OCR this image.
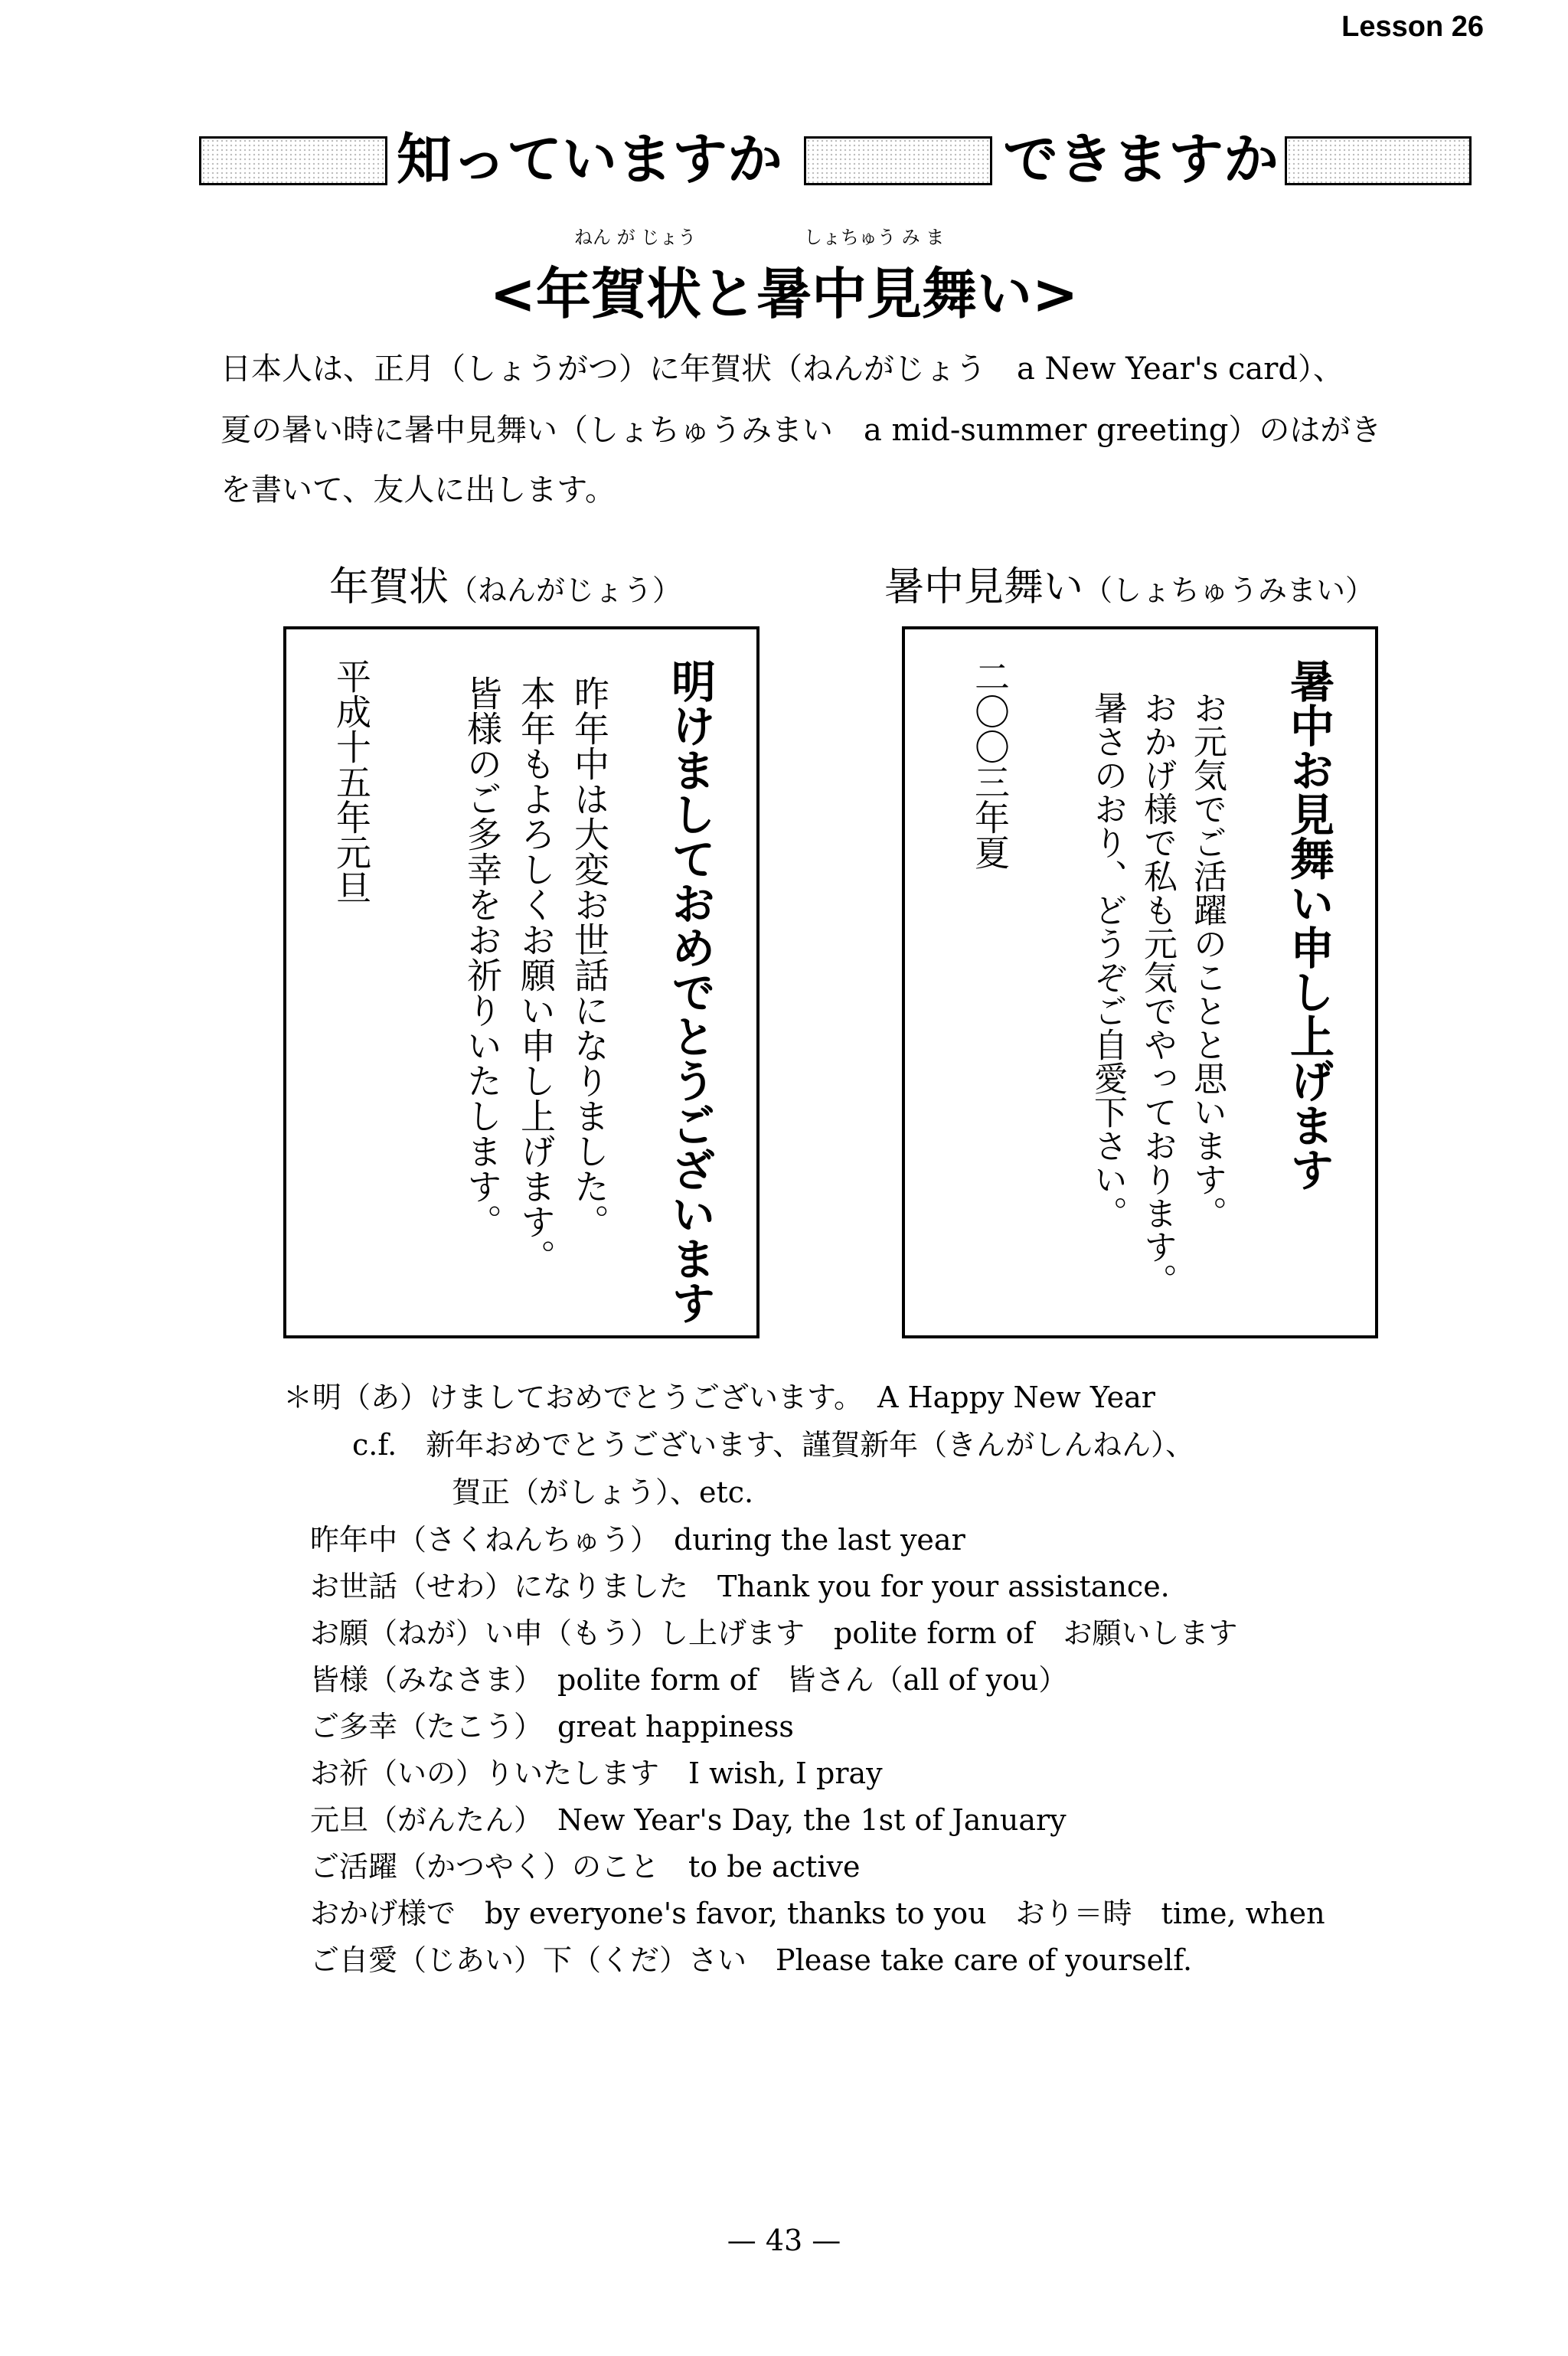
Lesson 26
知っていますか	できますか
ねん が じょう	しょちゅう み ま
<年賀状と暑中見舞い>
日本人は、正月（しょうがつ）に年賀状（ねんがじょう　a New Year's card）、
夏の暑い時に暑中見舞い（しょちゅうみまい　a mid-summer greeting）のはがき
を書いて、友人に出します。
年賀状（ねんがじょう）	暑中見舞い（しょちゅうみまい）
明けましておめでとうございます
昨年中は大変お世話になりました。
本年もよろしくお願い申し上げます。
皆様のご多幸をお祈りいたします。
平成十五年元旦	暑中お見舞い申し上げます
お元気でご活躍のことと思います。
おかげ様で私も元気でやっております。
暑さのおり、どうぞご自愛下さい。
二〇〇三年夏
＊明（あ）けましておめでとうございます。　A Happy New Year
c.f.　新年おめでとうございます、謹賀新年（きんがしんねん）、
賀正（がしょう）、etc.
昨年中（さくねんちゅう）　during the last year
お世話（せわ）になりました　Thank you for your assistance.
お願（ねが）い申（もう）し上げます　polite form of　お願いします
皆様（みなさま）　polite form of　皆さん（all of you）
ご多幸（たこう）　great happiness
お祈（いの）りいたします　I wish, I pray
元旦（がんたん）　New Year's Day, the 1st of January
ご活躍（かつやく）のこと　to be active
おかげ様で　by everyone's favor, thanks to you　おり＝時　time, when
ご自愛（じあい）下（くだ）さい　Please take care of yourself.
— 43 —
